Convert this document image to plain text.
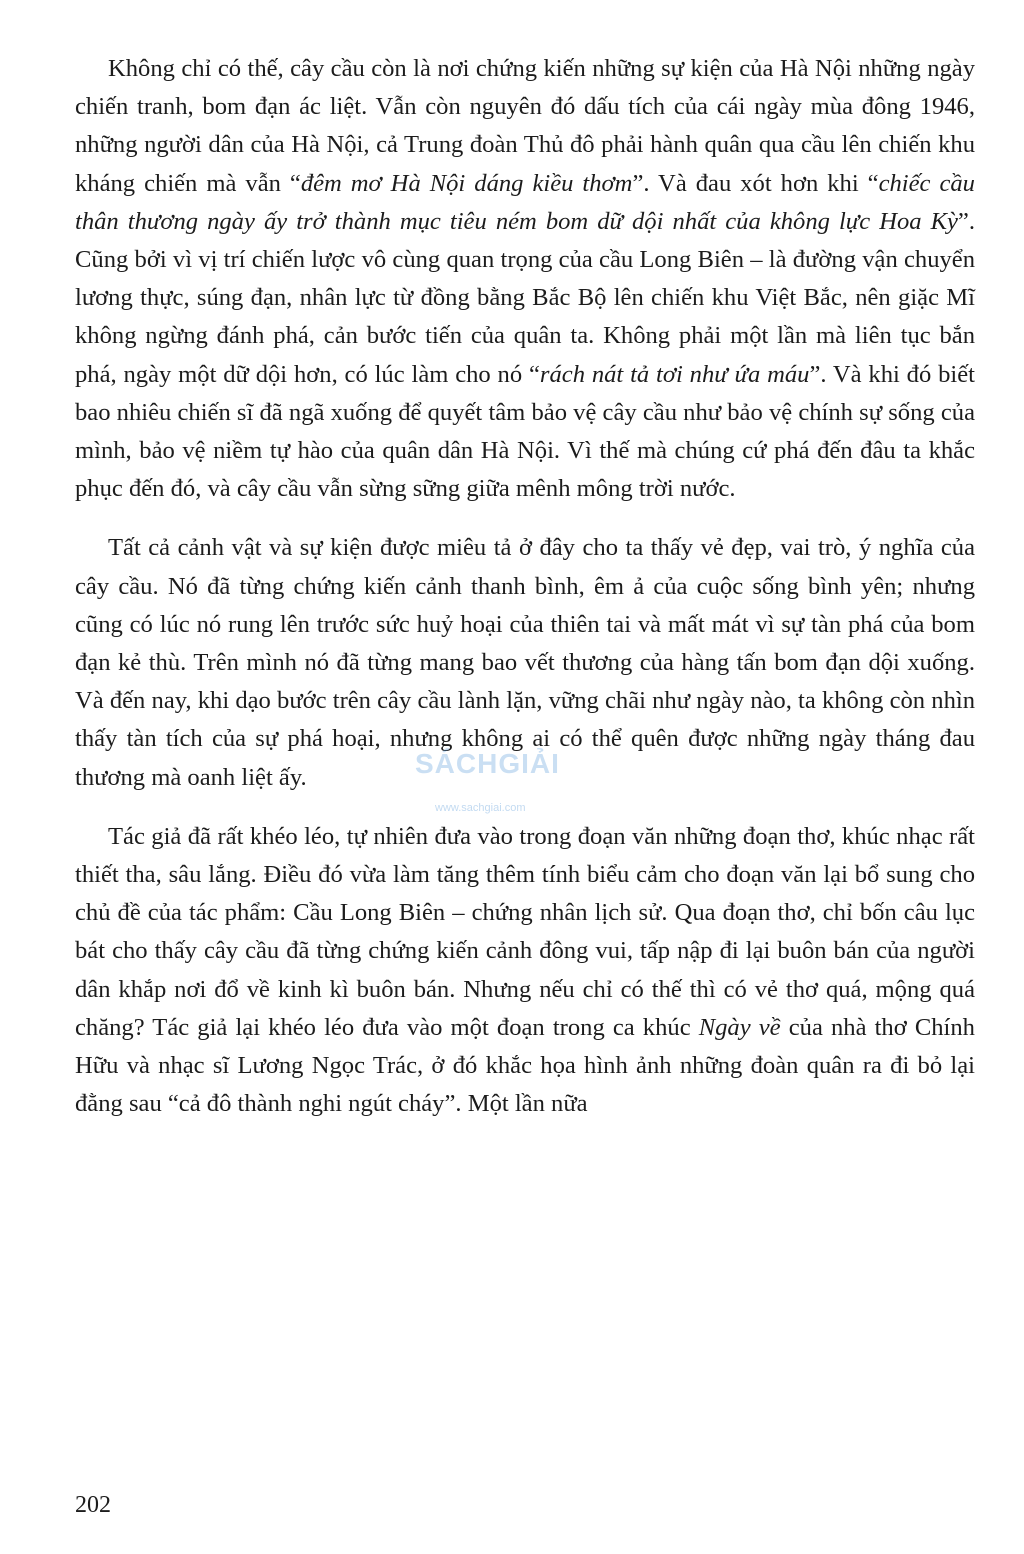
Không chỉ có thế, cây cầu còn là nơi chứng kiến những sự kiện của Hà Nội những ngày chiến tranh, bom đạn ác liệt. Vẫn còn nguyên đó dấu tích của cái ngày mùa đông 1946, những người dân của Hà Nội, cả Trung đoàn Thủ đô phải hành quân qua cầu lên chiến khu kháng chiến mà vẫn “đêm mơ Hà Nội dáng kiều thơm”. Và đau xót hơn khi “chiếc cầu thân thương ngày ấy trở thành mục tiêu ném bom dữ dội nhất của không lực Hoa Kỳ”. Cũng bởi vì vị trí chiến lược vô cùng quan trọng của cầu Long Biên – là đường vận chuyển lương thực, súng đạn, nhân lực từ đồng bằng Bắc Bộ lên chiến khu Việt Bắc, nên giặc Mĩ không ngừng đánh phá, cản bước tiến của quân ta. Không phải một lần mà liên tục bắn phá, ngày một dữ dội hơn, có lúc làm cho nó “rách nát tả tơi như ứa máu”. Và khi đó biết bao nhiêu chiến sĩ đã ngã xuống để quyết tâm bảo vệ cây cầu như bảo vệ chính sự sống của mình, bảo vệ niềm tự hào của quân dân Hà Nội. Vì thế mà chúng cứ phá đến đâu ta khắc phục đến đó, và cây cầu vẫn sừng sững giữa mênh mông trời nước.

Tất cả cảnh vật và sự kiện được miêu tả ở đây cho ta thấy vẻ đẹp, vai trò, ý nghĩa của cây cầu. Nó đã từng chứng kiến cảnh thanh bình, êm ả của cuộc sống bình yên; nhưng cũng có lúc nó rung lên trước sức huỷ hoại của thiên tai và mất mát vì sự tàn phá của bom đạn kẻ thù. Trên mình nó đã từng mang bao vết thương của hàng tấn bom đạn dội xuống. Và đến nay, khi dạo bước trên cây cầu lành lặn, vững chãi như ngày nào, ta không còn nhìn thấy tàn tích của sự phá hoại, nhưng không ai có thể quên được những ngày tháng đau thương mà oanh liệt ấy.

Tác giả đã rất khéo léo, tự nhiên đưa vào trong đoạn văn những đoạn thơ, khúc nhạc rất thiết tha, sâu lắng. Điều đó vừa làm tăng thêm tính biểu cảm cho đoạn văn lại bổ sung cho chủ đề của tác phẩm: Cầu Long Biên – chứng nhân lịch sử. Qua đoạn thơ, chỉ bốn câu lục bát cho thấy cây cầu đã từng chứng kiến cảnh đông vui, tấp nập đi lại buôn bán của người dân khắp nơi đổ về kinh kì buôn bán. Nhưng nếu chỉ có thế thì có vẻ thơ quá, mộng quá chăng? Tác giả lại khéo léo đưa vào một đoạn trong ca khúc Ngày về của nhà thơ Chính Hữu và nhạc sĩ Lương Ngọc Trác, ở đó khắc họa hình ảnh những đoàn quân ra đi bỏ lại đằng sau “cả đô thành nghi ngút cháy”. Một lần nữa

SÁCHGIẢI
www.sachgiai.com
202
